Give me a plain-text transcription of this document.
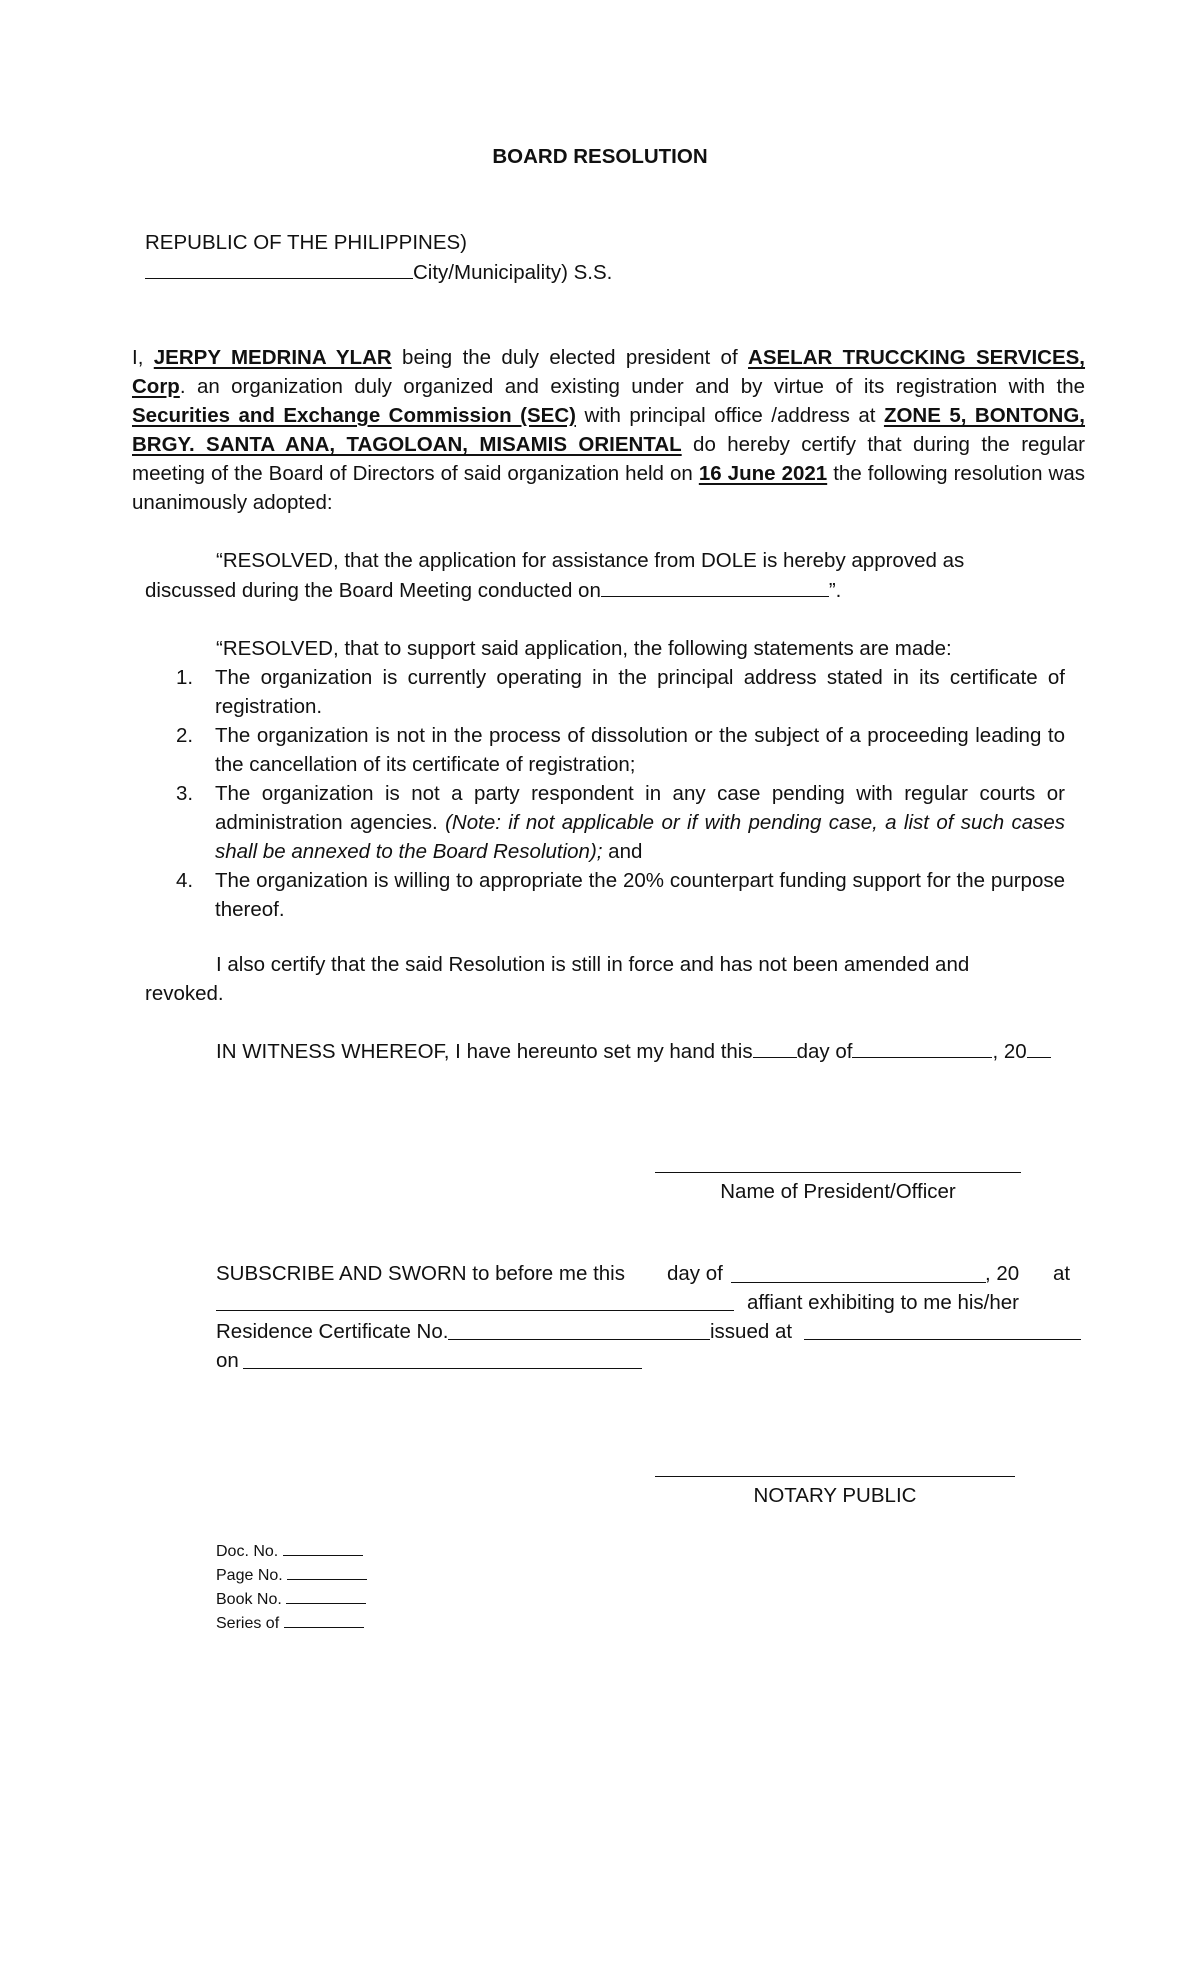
BOARD RESOLUTION
REPUBLIC OF THE PHILIPPINES)
City/Municipality) S.S.
I, JERPY MEDRINA YLAR being the duly elected president of ASELAR TRUCCKING SERVICES, Corp. an organization duly organized and existing under and by virtue of its registration with the Securities and Exchange Commission (SEC) with principal office /address at ZONE 5, BONTONG, BRGY. SANTA ANA, TAGOLOAN, MISAMIS ORIENTAL do hereby certify that during the regular meeting of the Board of Directors of said organization held on 16 June 2021 the following resolution was unanimously adopted:
“RESOLVED, that the application for assistance from DOLE is hereby approved as
discussed during the Board Meeting conducted on	”.
“RESOLVED, that to support said application, the following statements are made:
1. The organization is currently operating in the principal address stated in its certificate of registration.
2. The organization is not in the process of dissolution or the subject of a proceeding leading to the cancellation of its certificate of registration;
3. The organization is not a party respondent in any case pending with regular courts or administration agencies. (Note: if not applicable or if with pending case, a list of such cases shall be annexed to the Board Resolution); and
4. The organization is willing to appropriate the 20% counterpart funding support for the purpose thereof.
I also certify that the said Resolution is still in force and has not been amended and
revoked.
IN WITNESS WHEREOF, I have hereunto set my hand this day of	, 20
Name of President/Officer
SUBSCRIBE AND SWORN to before me this day of	, 20 at
affiant exhibiting to me his/her
Residence Certificate No.	issued at
on
NOTARY PUBLIC
Doc. No.
Page No.
Book No.
Series of
